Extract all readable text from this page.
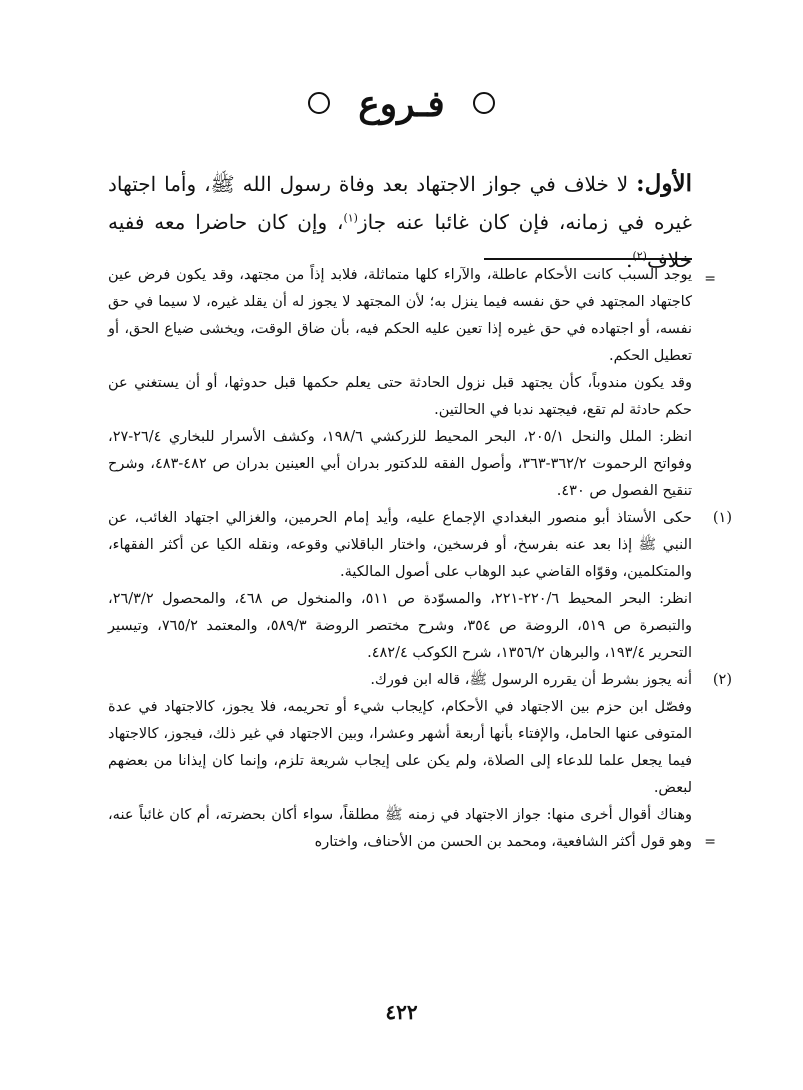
فـروع
الأول: لا خلاف في جواز الاجتهاد بعد وفاة رسول الله ﷺ، وأما اجتهاد غيره في زمانه، فإن كان غائبا عنه جاز$^{(١)}$، وإن كان حاضرا معه ففيه خلاف$^{(٢)}$.
=

يوجد السبب كانت الأحكام عاطلة، والآراء كلها متماثلة، فلابد إذاً من مجتهد، وقد يكون فرض عين كاجتهاد المجتهد في حق نفسه فيما ينزل به؛ لأن المجتهد لا يجوز له أن يقلد غيره، لا سيما في حق نفسه، أو اجتهاده في حق غيره إذا تعين عليه الحكم فيه، بأن ضاق الوقت، ويخشى ضياع الحق، أو تعطيل الحكم.

وقد يكون مندوباً، كأن يجتهد قبل نزول الحادثة حتى يعلم حكمها قبل حدوثها، أو أن يستغني عن حكم حادثة لم تقع، فيجتهد ندبا في الحالتين.

انظر: الملل والنحل ٢٠٥/١، البحر المحيط للزركشي ١٩٨/٦، وكشف الأسرار للبخاري ٢٦/٤-٢٧، وفواتح الرحموت ٣٦٢/٢-٣٦٣، وأصول الفقه للدكتور بدران أبي العينين بدران ص ٤٨٢-٤٨٣، وشرح تنقيح الفصول ص ٤٣٠.

(١)

حكى الأستاذ أبو منصور البغدادي الإجماع عليه، وأيد إمام الحرمين، والغزالي اجتهاد الغائب، عن النبي ﷺ إذا بعد عنه بفرسخ، أو فرسخين، واختار الباقلاني وقوعه، ونقله الكيا عن أكثر الفقهاء، والمتكلمين، وقوّاه القاضي عبد الوهاب على أصول المالكية.

انظر: البحر المحيط ٢٢٠/٦-٢٢١، والمسوّدة ص ٥١١، والمنخول ص ٤٦٨، والمحصول ٢٦/٣/٢، والتبصرة ص ٥١٩، الروضة ص ٣٥٤، وشرح مختصر الروضة ٥٨٩/٣، والمعتمد ٧٦٥/٢، وتيسير التحرير ١٩٣/٤، والبرهان ١٣٥٦/٢، شرح الكوكب ٤٨٢/٤.

(٢)

أنه يجوز بشرط أن يقرره الرسول ﷺ، قاله ابن فورك.

وفصّل ابن حزم بين الاجتهاد في الأحكام، كإيجاب شيء أو تحريمه، فلا يجوز، كالاجتهاد في عدة المتوفى عنها الحامل، والإفتاء بأنها أربعة أشهر وعشرا، وبين الاجتهاد في غير ذلك، فيجوز، كالاجتهاد فيما يجعل علما للدعاء إلى الصلاة، ولم يكن على إيجاب شريعة تلزم، وإنما كان إيذانا من بعضهم لبعض.

وهناك أقوال أخرى منها: جواز الاجتهاد في زمنه ﷺ مطلقاً، سواء أكان بحضرته، أم كان غائباً عنه، وهو قول أكثر الشافعية، ومحمد بن الحسن من الأحناف، واختاره =
٤٢٢
